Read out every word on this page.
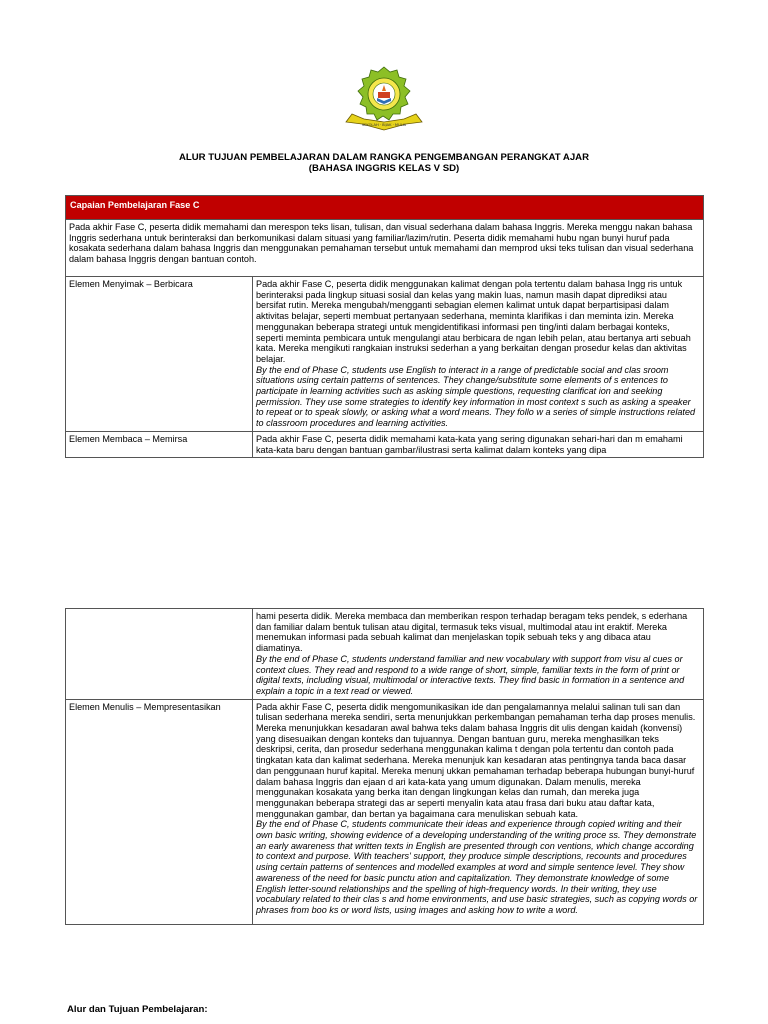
SEKOLAH · BIJAK · MULIA
ALUR TUJUAN PEMBELAJARAN DALAM RANGKA PENGEMBANGAN PERANGKAT AJAR
(BAHASA INGGRIS KELAS V SD)
Capaian Pembelajaran Fase C	
Pada akhir Fase C, peserta didik memahami dan merespon teks lisan, tulisan, dan visual sederhana dalam bahasa Inggris. Mereka menggu nakan bahasa Inggris sederhana untuk berinteraksi dan berkomunikasi dalam situasi yang familiar/lazim/rutin. Peserta didik memahami hubu ngan bunyi huruf pada kosakata sederhana dalam bahasa Inggris dan menggunakan pemahaman tersebut untuk memahami dan memprod uksi teks tulisan dan visual sederhana dalam bahasa Inggris dengan bantuan contoh.	
Elemen Menyimak – Berbicara	Pada akhir Fase C, peserta didik menggunakan kalimat dengan pola tertentu dalam bahasa Ingg ris untuk berinteraksi pada lingkup situasi sosial dan kelas yang makin luas, namun masih dapat diprediksi atau bersifat rutin. Mereka mengubah/mengganti sebagian elemen kalimat untuk dapat berpartisipasi dalam aktivitas belajar, seperti membuat pertanyaan sederhana, meminta klarifikas i dan meminta izin. Mereka menggunakan beberapa strategi untuk mengidentifikasi informasi pen ting/inti dalam berbagai konteks, seperti meminta pembicara untuk mengulangi atau berbicara de ngan lebih pelan, atau bertanya arti sebuah kata. Mereka mengikuti rangkaian instruksi sederhan a yang berkaitan dengan prosedur kelas dan aktivitas belajar.
By the end of Phase C, students use English to interact in a range of predictable social and clas sroom situations using certain patterns of sentences. They change/substitute some elements of s entences to participate in learning activities such as asking simple questions, requesting clarificat ion and seeking permission. They use some strategies to identify key information in most context s such as asking a speaker to repeat or to speak slowly, or asking what a word means. They follo w a series of simple instructions related to classroom procedures and learning activities.

Elemen Membaca – Memirsa	Pada akhir Fase C, peserta didik memahami kata-kata yang sering digunakan sehari-hari dan m emahami kata-kata baru dengan bantuan gambar/ilustrasi serta kalimat dalam konteks yang dipa

	hami peserta didik. Mereka membaca dan memberikan respon terhadap beragam teks pendek, s ederhana dan familiar dalam bentuk tulisan atau digital, termasuk teks visual, multimodal atau int eraktif. Mereka menemukan informasi pada sebuah kalimat dan menjelaskan topik sebuah teks y ang dibaca atau diamatinya.
By the end of Phase C, students understand familiar and new vocabulary with support from visu al cues or context clues. They read and respond to a wide range of short, simple, familiar texts in the form of print or digital texts, including visual, multimodal or interactive texts. They find basic in formation in a sentence and explain a topic in a text read or viewed.

Elemen Menulis – Mempresentasikan	Pada akhir Fase C, peserta didik mengomunikasikan ide dan pengalamannya melalui salinan tuli san dan tulisan sederhana mereka sendiri, serta menunjukkan perkembangan pemahaman terha dap proses menulis. Mereka menunjukkan kesadaran awal bahwa teks dalam bahasa Inggris dit ulis dengan kaidah (konvensi) yang disesuaikan dengan konteks dan tujuannya. Dengan bantuan guru, mereka menghasilkan teks deskripsi, cerita, dan prosedur sederhana menggunakan kalima t dengan pola tertentu dan contoh pada tingkatan kata dan kalimat sederhana. Mereka menunjuk kan kesadaran atas pentingnya tanda baca dasar dan penggunaan huruf kapital. Mereka menunj ukkan pemahaman terhadap beberapa hubungan bunyi-huruf dalam bahasa Inggris dan ejaan d ari kata-kata yang umum digunakan. Dalam menulis, mereka menggunakan kosakata yang berka itan dengan lingkungan kelas dan rumah, dan mereka juga menggunakan beberapa strategi das ar seperti menyalin kata atau frasa dari buku atau daftar kata, menggunakan gambar, dan bertan ya bagaimana cara menuliskan sebuah kata.
By the end of Phase C, students communicate their ideas and experience through copied writing and their own basic writing, showing evidence of a developing understanding of the writing proce ss. They demonstrate an early awareness that written texts in English are presented through con ventions, which change according to context and purpose. With teachers' support, they produce simple descriptions, recounts and procedures using certain patterns of sentences and modelled examples at word and simple sentence level. They show awareness of the need for basic punctu ation and capitalization. They demonstrate knowledge of some English letter-sound relationships and the spelling of high-frequency words. In their writing, they use vocabulary related to their clas s and home environments, and use basic strategies, such as copying words or phrases from boo ks or word lists, using images and asking how to write a word.
Alur dan Tujuan Pembelajaran:
